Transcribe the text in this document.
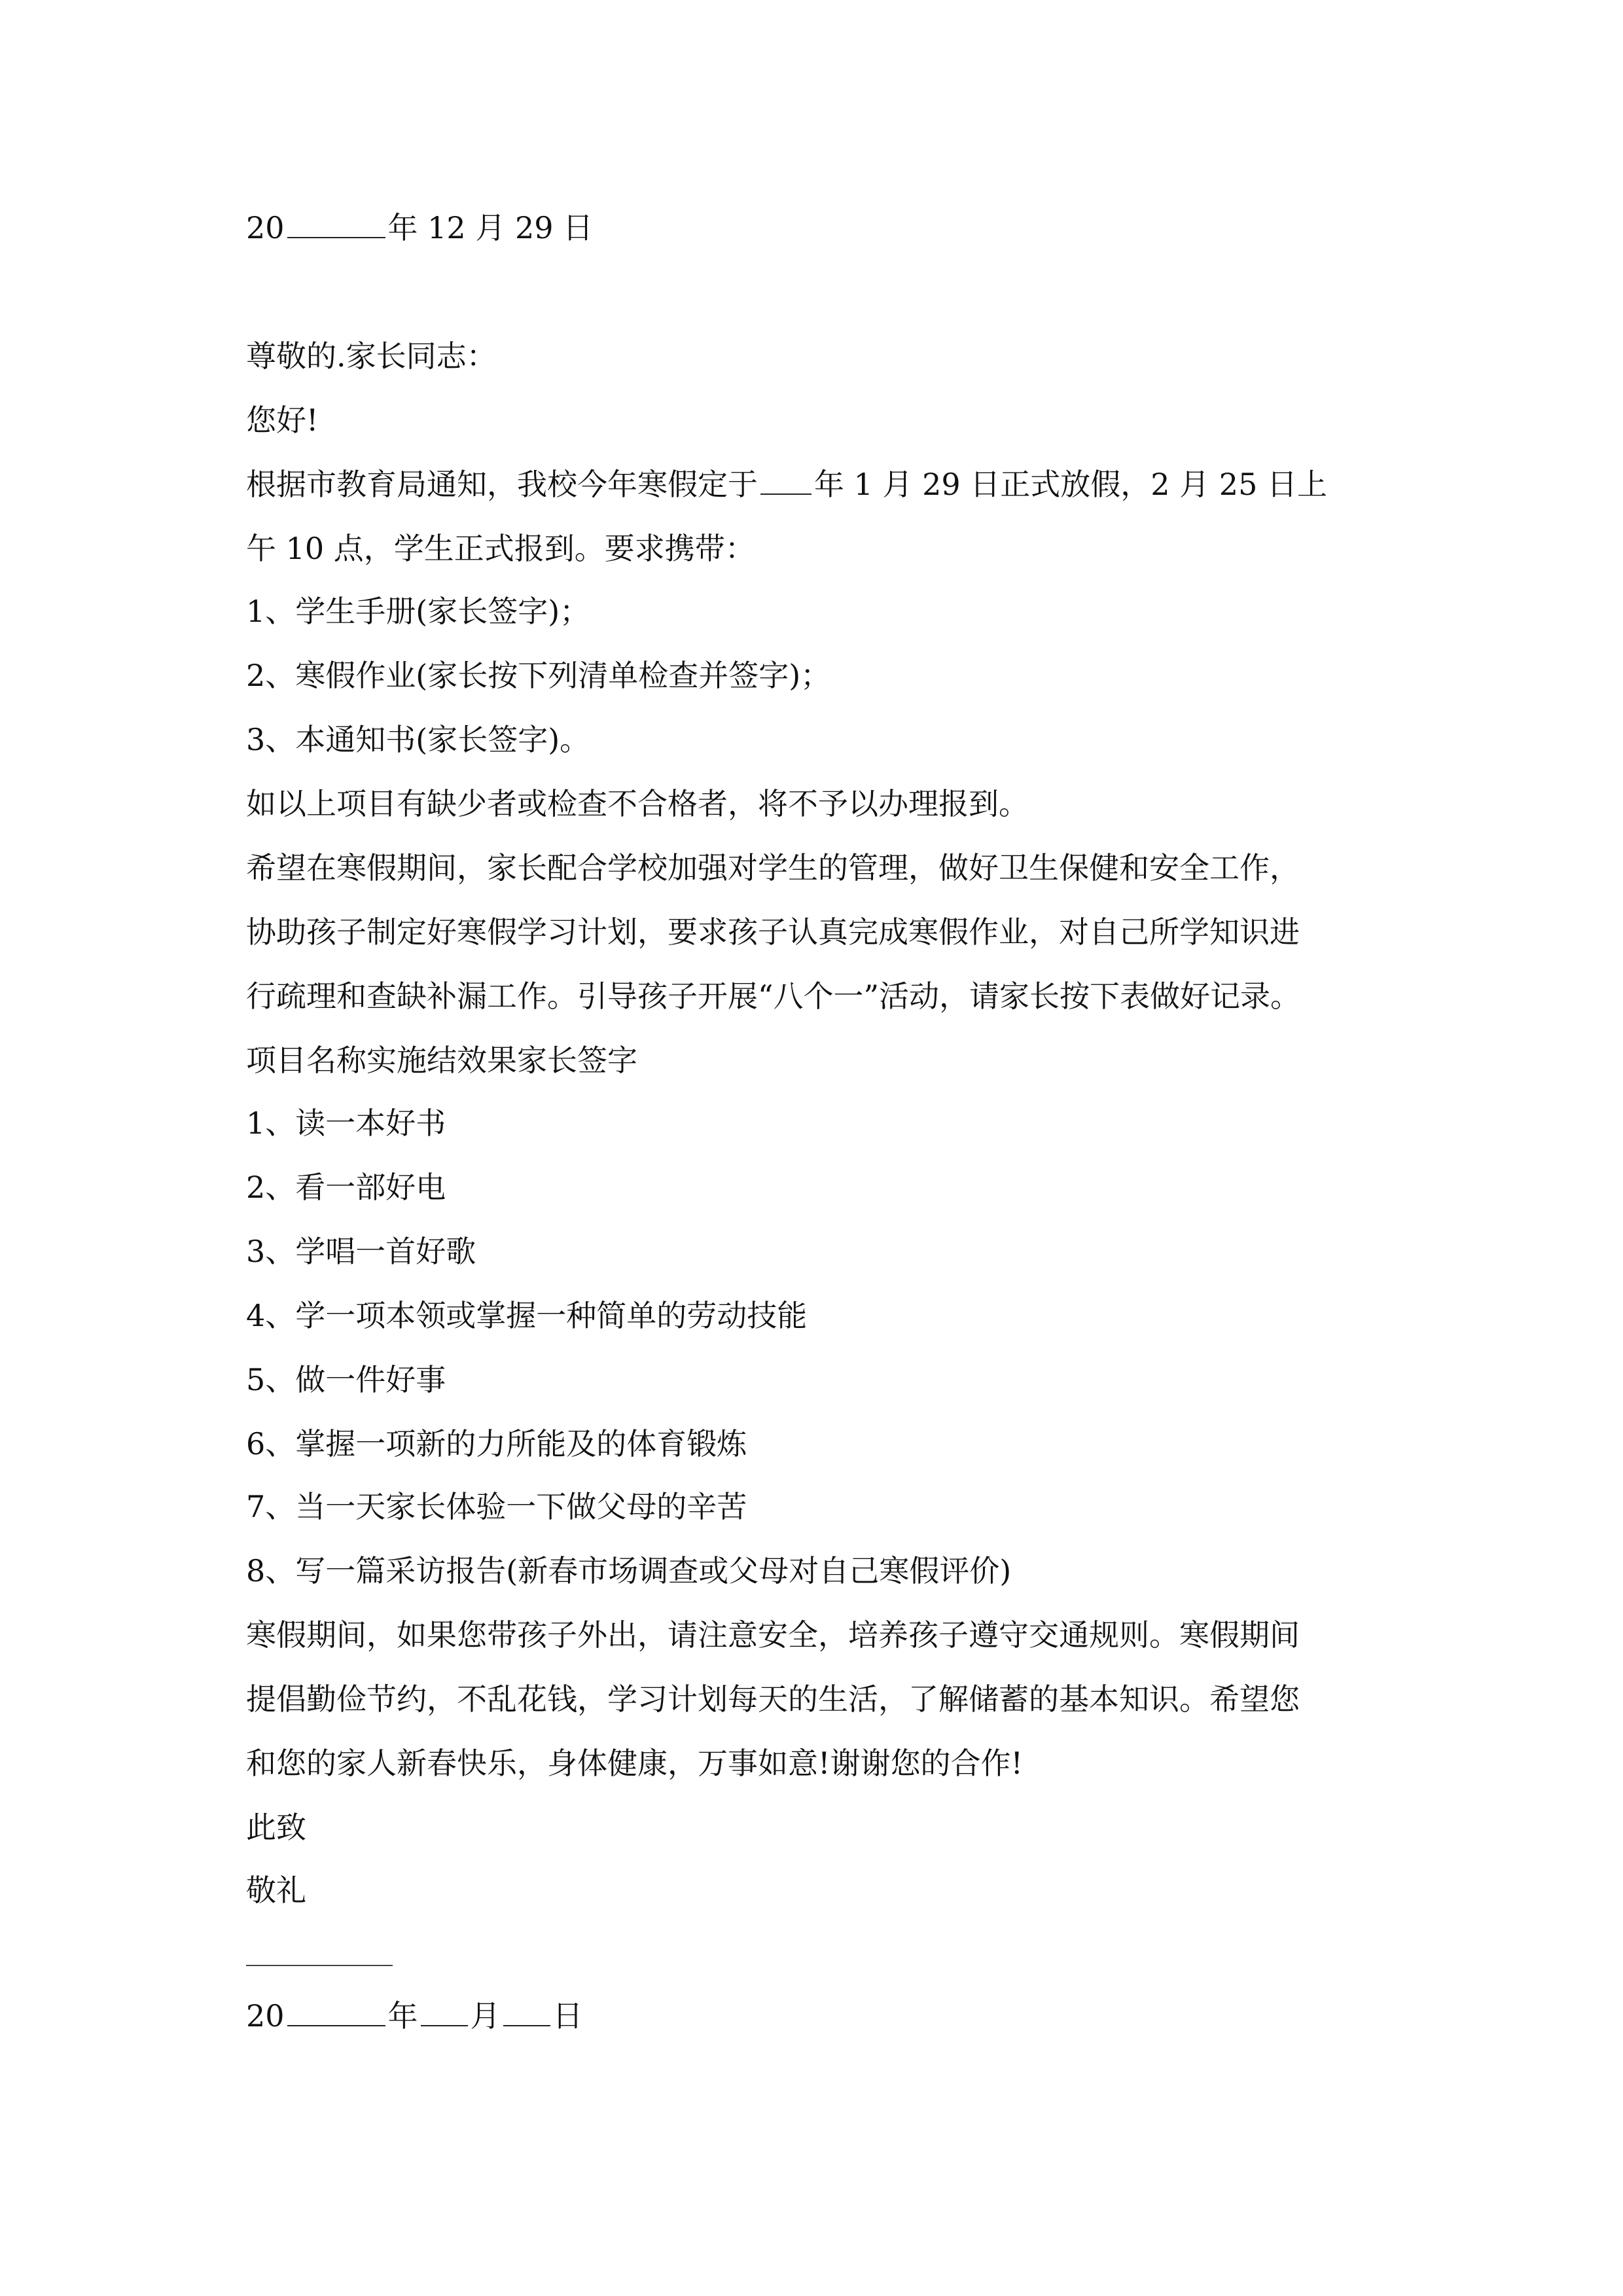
20	年 12 月 29 日
尊敬的.家长同志：
您好!
根据市教育局通知，我校今年寒假定于 年 1 月 29 日正式放假，2 月 25 日上
午 10 点，学生正式报到。要求携带：
1、学生手册(家长签字)；
2、寒假作业(家长按下列清单检查并签字)；
3、本通知书(家长签字)。
如以上项目有缺少者或检查不合格者，将不予以办理报到。
希望在寒假期间，家长配合学校加强对学生的管理，做好卫生保健和安全工作，
协助孩子制定好寒假学习计划，要求孩子认真完成寒假作业，对自己所学知识进
行疏理和查缺补漏工作。引导孩子开展“八个一”活动，请家长按下表做好记录。
项目名称实施结效果家长签字
1、读一本好书
2、看一部好电
3、学唱一首好歌
4、学一项本领或掌握一种简单的劳动技能
5、做一件好事
6、掌握一项新的力所能及的体育锻炼
7、当一天家长体验一下做父母的辛苦
8、写一篇采访报告(新春市场调查或父母对自己寒假评价)
寒假期间，如果您带孩子外出，请注意安全，培养孩子遵守交通规则。寒假期间
提倡勤俭节约，不乱花钱，学习计划每天的生活，了解储蓄的基本知识。希望您
和您的家人新春快乐，身体健康，万事如意!谢谢您的合作!
此致
敬礼
20	年 月 日
